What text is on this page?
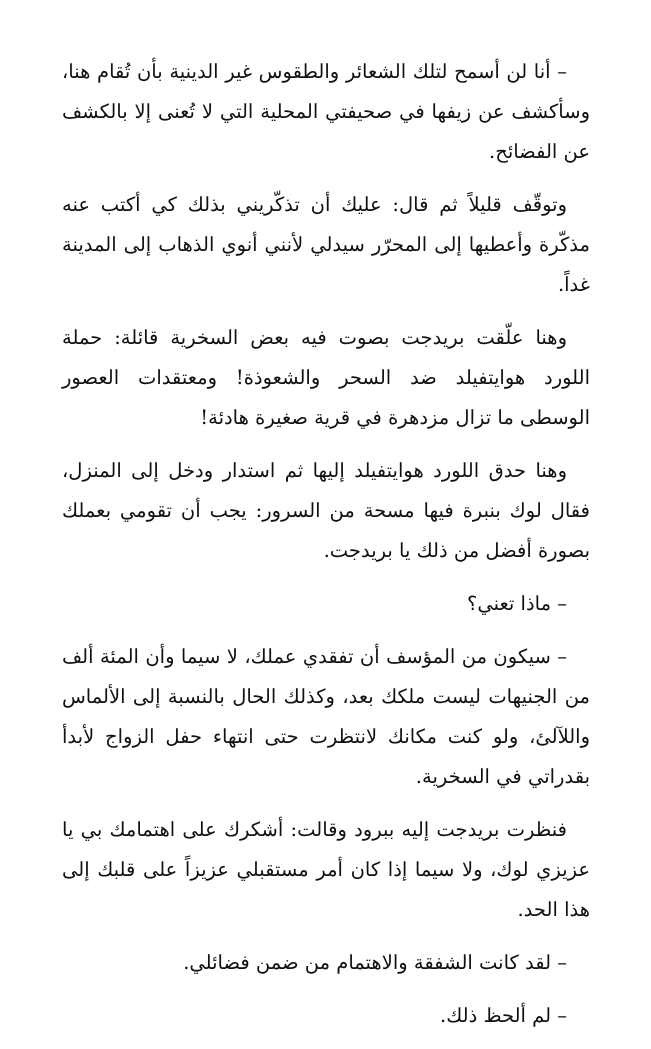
– أنا لن أسمح لتلك الشعائر والطقوس غير الدينية بأن تُقام هنا، وسأكشف عن زيفها في صحيفتي المحلية التي لا تُعنى إلا بالكشف عن الفضائح.

وتوقّف قليلاً ثم قال: عليك أن تذكّريني بذلك كي أكتب عنه مذكّرة وأعطيها إلى المحرّر سيدلي لأنني أنوي الذهاب إلى المدينة غداً.

وهنا علّقت بريدجت بصوت فيه بعض السخرية قائلة: حملة اللورد هوايتفيلد ضد السحر والشعوذة! ومعتقدات العصور الوسطى ما تزال مزدهرة في قرية صغيرة هادئة!

وهنا حدق اللورد هوايتفيلد إليها ثم استدار ودخل إلى المنزل، فقال لوك بنبرة فيها مسحة من السرور: يجب أن تقومي بعملك بصورة أفضل من ذلك يا بريدجت.

– ماذا تعني؟

– سيكون من المؤسف أن تفقدي عملك، لا سيما وأن المئة ألف من الجنيهات ليست ملكك بعد، وكذلك الحال بالنسبة إلى الألماس واللآلئ، ولو كنت مكانك لانتظرت حتى انتهاء حفل الزواج لأبدأ بقدراتي في السخرية.

فنظرت بريدجت إليه ببرود وقالت: أشكرك على اهتمامك بي يا عزيزي لوك، ولا سيما إذا كان أمر مستقبلي عزيزاً على قلبك إلى هذا الحد.

– لقد كانت الشفقة والاهتمام من ضمن فضائلي.

– لم ألحظ ذلك.
